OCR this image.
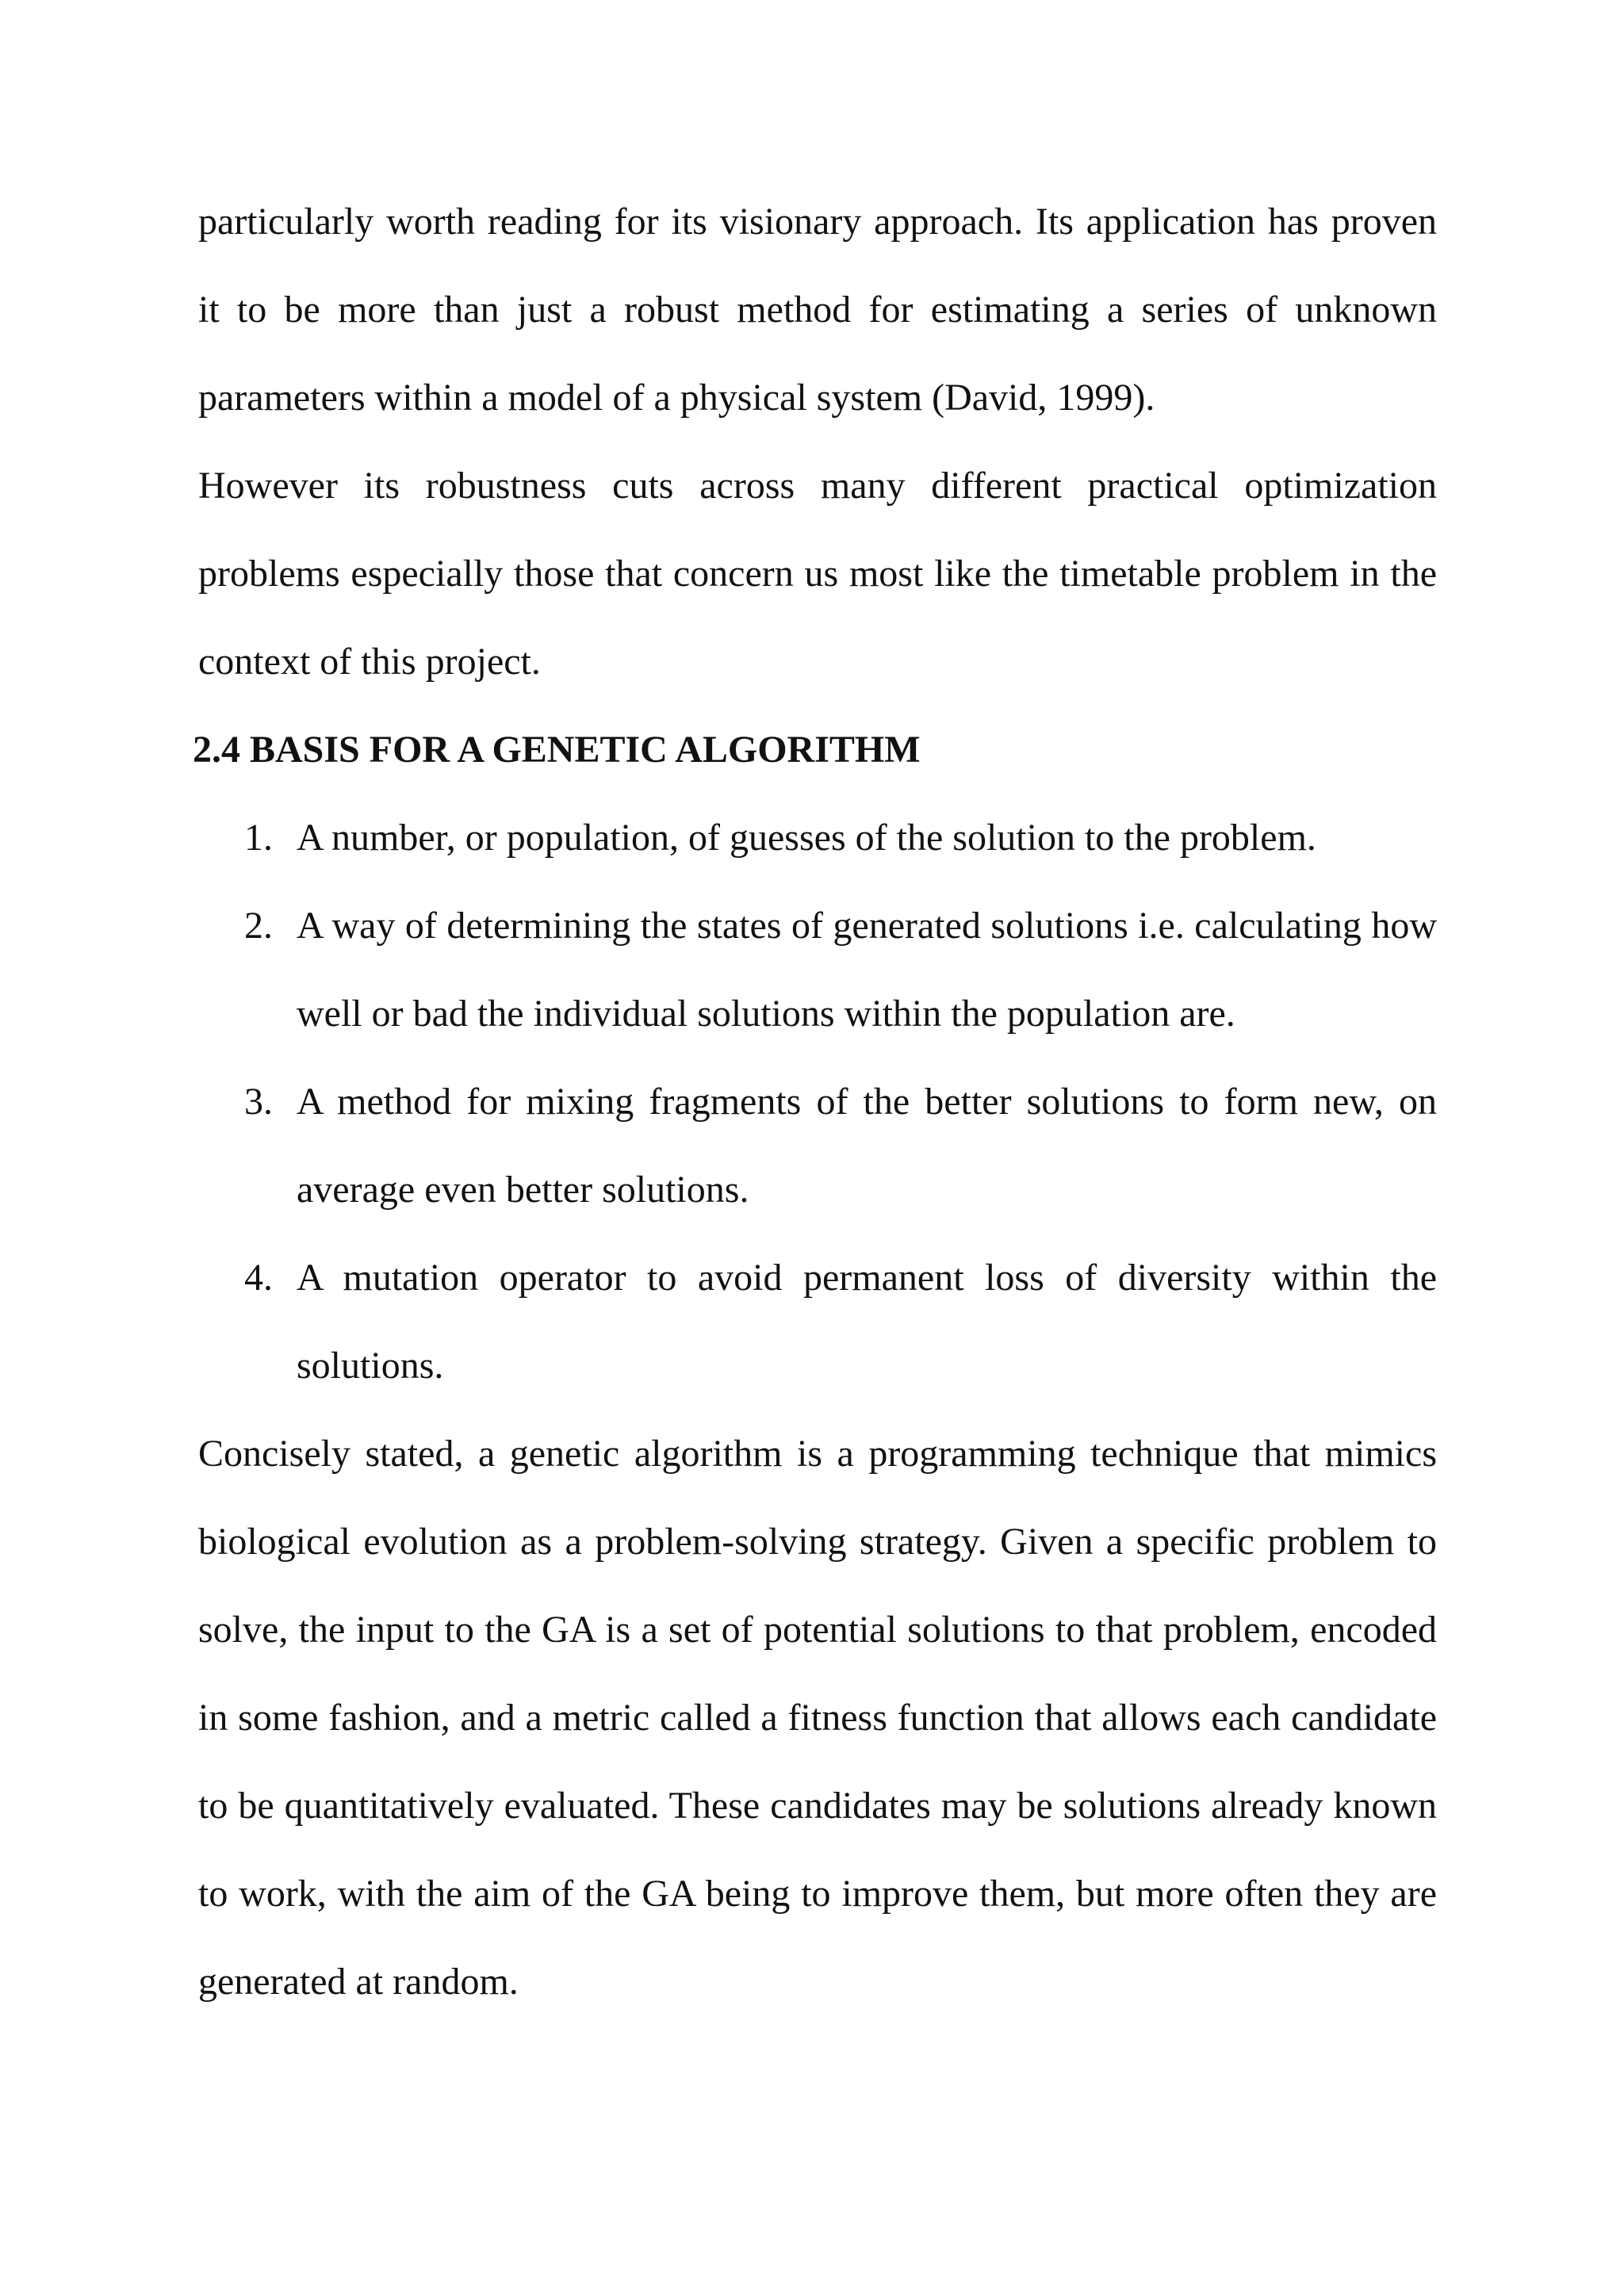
particularly worth reading for its visionary approach. Its application has proven
it to be more than just a robust method for estimating a series of unknown
parameters within a model of a physical system (David, 1999).
However its robustness cuts across many different practical optimization
problems especially those that concern us most like the timetable problem in the
context of this project.
2.4 BASIS FOR A GENETIC ALGORITHM
1. A number, or population, of guesses of the solution to the problem.
2. A way of determining the states of generated solutions i.e. calculating how
well or bad the individual solutions within the population are.
3. A method for mixing fragments of the better solutions to form new, on
average even better solutions.
4. A mutation operator to avoid permanent loss of diversity within the
solutions.
Concisely stated, a genetic algorithm is a programming technique that mimics
biological evolution as a problem-solving strategy. Given a specific problem to
solve, the input to the GA is a set of potential solutions to that problem, encoded
in some fashion, and a metric called a fitness function that allows each candidate
to be quantitatively evaluated. These candidates may be solutions already known
to work, with the aim of the GA being to improve them, but more often they are
generated at random.
